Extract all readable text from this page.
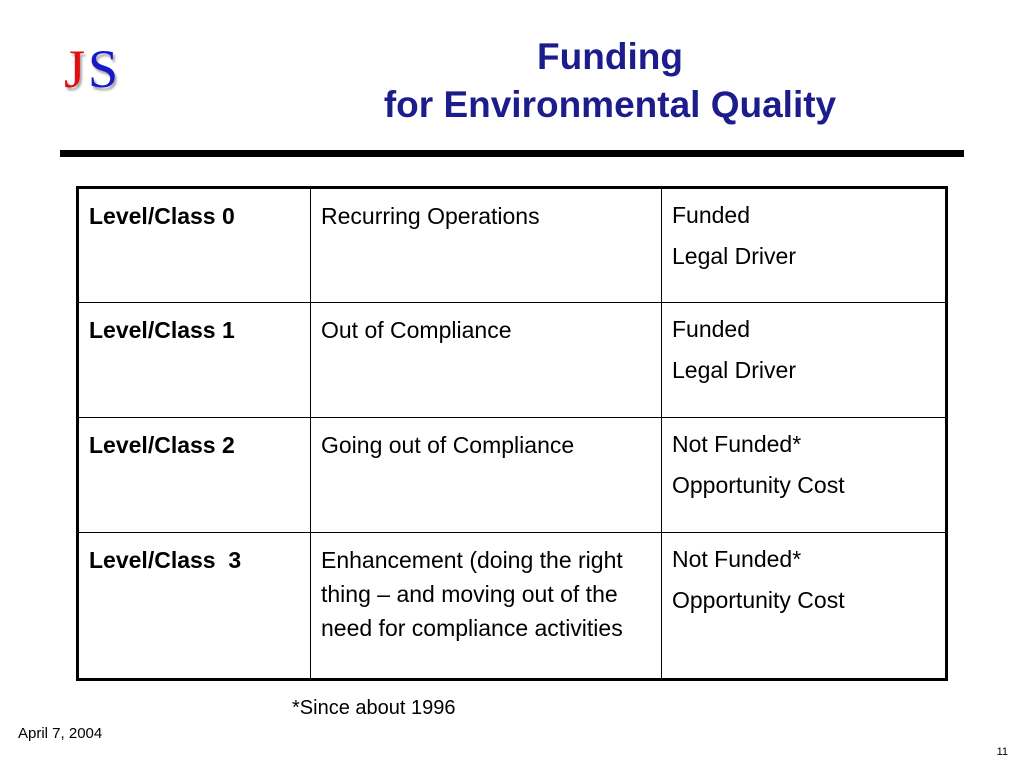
JS	Funding
for Environmental Quality
Level/Class 0	Recurring Operations	Funded
Legal Driver

Level/Class 1	Out of Compliance	Funded
Legal Driver

Level/Class 2	Going out of Compliance	Not Funded*
Opportunity Cost

Level/Class  3	Enhancement (doing the right thing – and moving out of the need for compliance activities	Not Funded*
Opportunity Cost
*Since about 1996
April 7, 2004
11
